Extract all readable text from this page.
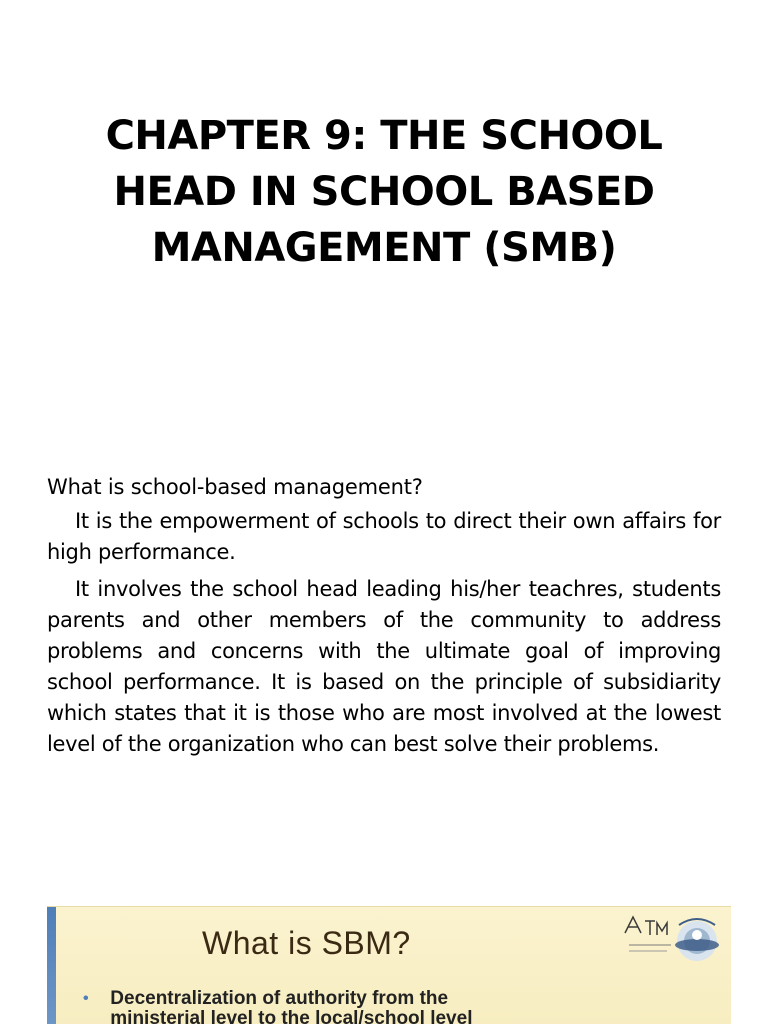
CHAPTER 9: THE SCHOOL
HEAD IN SCHOOL BASED
MANAGEMENT (SMB)

What is school-based management?

It is the empowerment of schools to direct their own affairs for high performance.

It involves the school head leading his/her teachres, students parents and other members of the community to address problems and concerns with the ultimate goal of improving school performance. It is based on the principle of subsidiarity which states that it is those who are most involved at the lowest level of the organization who can best solve their problems.

What is SBM?
• Decentralization of authority from the
ministerial level to the local/school level
